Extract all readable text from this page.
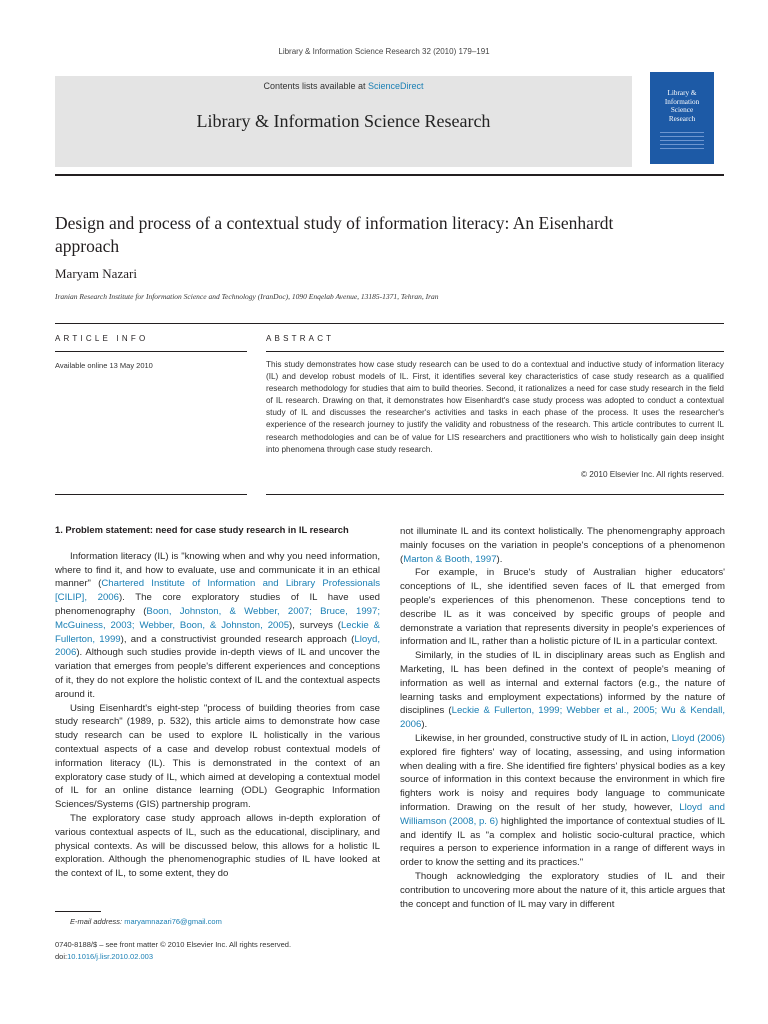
Library & Information Science Research 32 (2010) 179–191
Contents lists available at ScienceDirect
Library & Information Science Research
Library &
Information
Science
Research
Design and process of a contextual study of information literacy: An Eisenhardt approach
Maryam Nazari
Iranian Research Institute for Information Science and Technology (IranDoc), 1090 Enqelab Avenue, 13185-1371, Tehran, Iran
ARTICLE INFO	ABSTRACT
Available online 13 May 2010	This study demonstrates how case study research can be used to do a contextual and inductive study of information literacy (IL) and develop robust models of IL. First, it identifies several key characteristics of case study research as a qualified research methodology for studies that aim to build theories. Second, it rationalizes a need for case study research in the field of IL research. Drawing on that, it demonstrates how Eisenhardt's case study process was adopted to conduct a contextual study of IL and discusses the researcher's activities and tasks in each phase of the process. It uses the researcher's experience of the research journey to justify the validity and robustness of the research. This article contributes to current IL research methodologies and can be of value for LIS researchers and practitioners who wish to holistically gain deep insight into phenomena through case study research.
© 2010 Elsevier Inc. All rights reserved.
1. Problem statement: need for case study research in IL research

Information literacy (IL) is "knowing when and why you need information, where to find it, and how to evaluate, use and communicate it in an ethical manner" (Chartered Institute of Information and Library Professionals [CILIP], 2006). The core exploratory studies of IL have used phenomenography (Boon, Johnston, & Webber, 2007; Bruce, 1997; McGuiness, 2003; Webber, Boon, & Johnston, 2005), surveys (Leckie & Fullerton, 1999), and a constructivist grounded research approach (Lloyd, 2006). Although such studies provide in-depth views of IL and uncover the variation that emerges from people's different experiences and conceptions of it, they do not explore the holistic context of IL and the contextual aspects around it.

Using Eisenhardt's eight-step "process of building theories from case study research" (1989, p. 532), this article aims to demonstrate how case study research can be used to explore IL holistically in the various contextual aspects of a case and develop robust contextual models of information literacy (IL). This is demonstrated in the context of an exploratory case study of IL, which aimed at developing a contextual model of IL for an online distance learning (ODL) Geographic Information Sciences/Systems (GIS) partnership program.

The exploratory case study approach allows in-depth exploration of various contextual aspects of IL, such as the educational, disciplinary, and physical contexts. As will be discussed below, this allows for a holistic IL exploration. Although the phenomenographic studies of IL have looked at the context of IL, to some extent, they do

not illuminate IL and its context holistically. The phenomengraphy approach mainly focuses on the variation in people's conceptions of a phenomenon (Marton & Booth, 1997).

For example, in Bruce's study of Australian higher educators' conceptions of IL, she identified seven faces of IL that emerged from people's experiences of this phenomenon. These conceptions tend to describe IL as it was conceived by specific groups of people and demonstrate a variation that represents diversity in people's experiences of information and IL, rather than a holistic picture of IL in a particular context.

Similarly, in the studies of IL in disciplinary areas such as English and Marketing, IL has been defined in the context of people's meaning of information as well as internal and external factors (e.g., the nature of learning tasks and employment expectations) informed by the nature of disciplines (Leckie & Fullerton, 1999; Webber et al., 2005; Wu & Kendall, 2006).

Likewise, in her grounded, constructive study of IL in action, Lloyd (2006) explored fire fighters' way of locating, assessing, and using information when dealing with a fire. She identified fire fighters' physical bodies as a key source of information in this context because the environment in which fire fighters work is noisy and requires body language to communicate information. Drawing on the result of her study, however, Lloyd and Williamson (2008, p. 6) highlighted the importance of contextual studies of IL and identify IL as "a complex and holistic socio-cultural practice, which requires a person to experience information in a range of different ways in order to know the setting and its practices."

Though acknowledging the exploratory studies of IL and their contribution to uncovering more about the nature of it, this article argues that the concept and function of IL may vary in different

E-mail address: maryamnazari76@gmail.com
0740-8188/$ – see front matter © 2010 Elsevier Inc. All rights reserved.
doi:10.1016/j.lisr.2010.02.003
